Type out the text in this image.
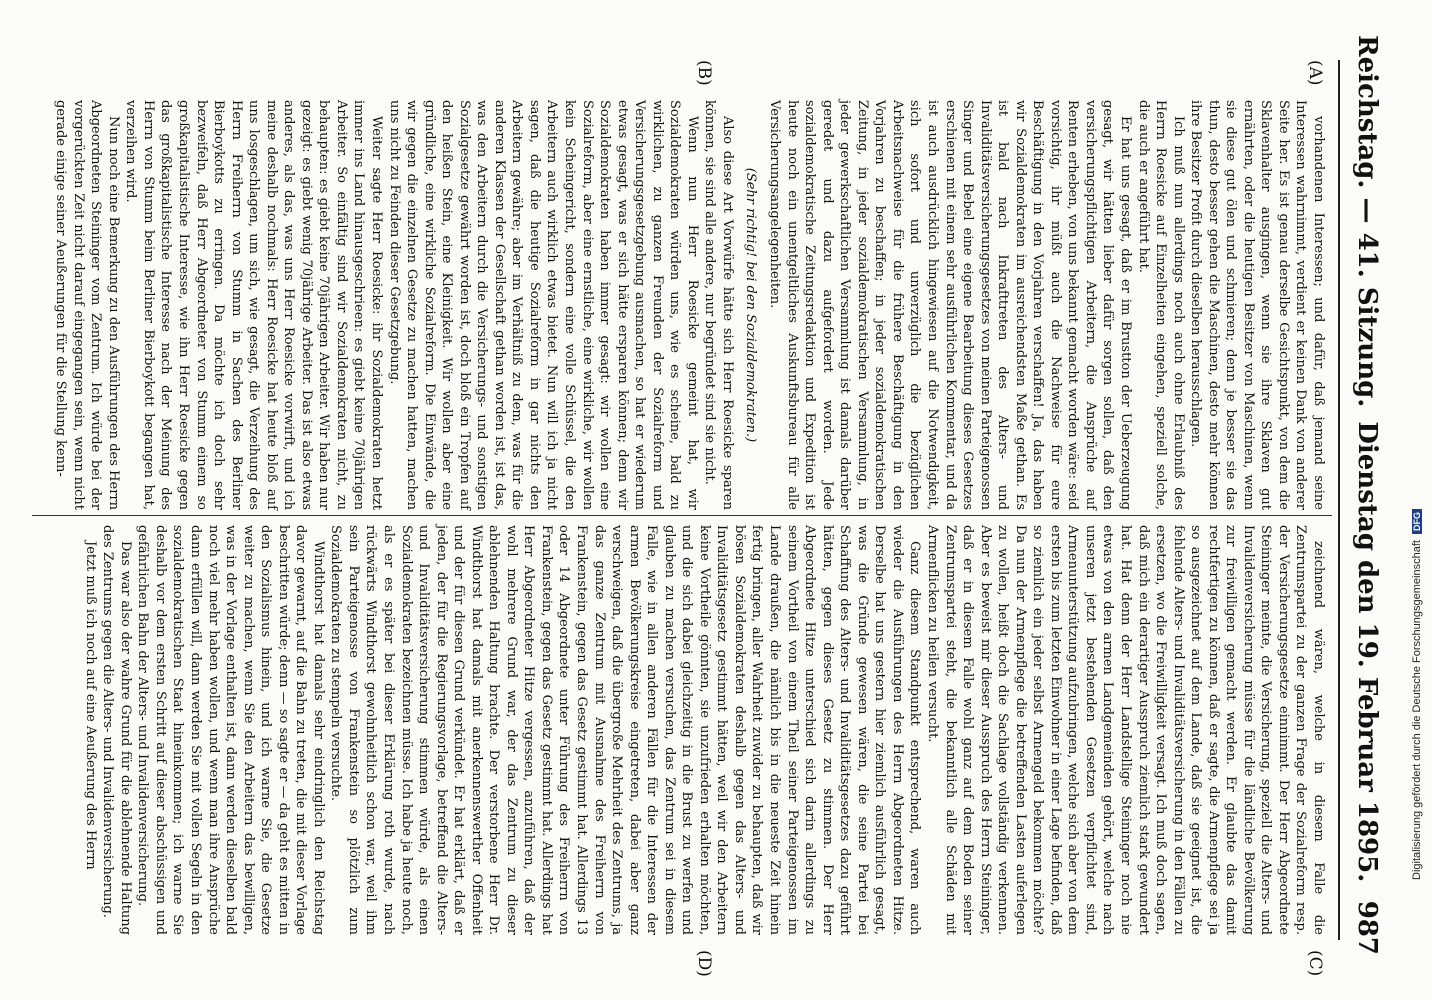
Reichstag. — 41. Sitzung.
Dienstag den 19. Februar 1895.
987
(A)
(B)
(C)
(D)

vorhandenen Interessen; und dafür, daß jemand seine Interessen wahrnimmt, verdient er keinen Dank von anderer Seite her. Es ist genau derselbe Gesichtspunkt, von dem die Sklavenhalter ausgingen, wenn sie ihre Sklaven gut ernährten, oder die heutigen Besitzer von Maschinen, wenn sie diese gut ölen und schmieren; denn je besser sie das thun, desto besser gehen die Maschinen, desto mehr können ihre Besitzer Profit durch dieselben herausschlagen.

Ich muß nun allerdings noch auch ohne Erlaubniß des Herrn Roesicke auf Einzelheiten eingehen, speziell solche, die auch er angeführt hat.

Er hat uns gesagt, daß er im Brustton der Ueberzeugung gesagt, wir hätten lieber dafür sorgen sollen, daß den versicherungspflichtigen Arbeitern, die Ansprüche auf Renten erheben, von uns bekannt gemacht worden wäre: seid vorsichtig, ihr müßt auch die Nachweise für eure Beschäftigung in den Vorjahren verschaffen! Ja, das haben wir Sozialdemokraten im ausreichendsten Maße gethan. Es ist bald nach Inkrafttreten des Alters- und Invaliditätsversicherungsgesetzes von meinen Parteigenossen Singer und Bebel eine eigene Bearbeitung dieses Gesetzes erschienen mit einem sehr ausführlichen Kommentar, und da ist auch ausdrücklich hingewiesen auf die Notwendigkeit, sich sofort und unverzüglich die bezüglichen Arbeitsnachweise für die frühere Beschäftigung in den Vorjahren zu beschaffen; in jeder sozialdemokratischen Zeitung, in jeder sozialdemokratischen Versammlung, in jeder gewerkschaftlichen Versammlung ist damals darüber geredet und dazu aufgefordert worden. Jede sozialdemokratische Zeitungsredaktion und Expedition ist heute noch ein unentgeltliches Auskunftsbureau für alle Versicherungsangelegenheiten.

(Sehr richtig! bei den Sozialdemokraten.)

Also diese Art Vorwürfe hätte sich Herr Roesicke sparen können, sie sind alle andere, nur begründet sind sie nicht.

Wenn nun Herr Roesicke gemeint hat, wir Sozialdemokraten würden uns, wie es scheine, bald zu wirklichen, zu ganzen Freunden der Sozialreform und Versicherungsgesetzgebung ausmachen, so hat er wiederum etwas gesagt, was er sich hätte ersparen können; denn wir Sozialdemokraten haben immer gesagt: wir wollen eine Sozialreform, aber eine ernstliche, eine wirkliche, wir wollen kein Scheingericht, sondern eine volle Schüssel, die den Arbeitern auch wirklich etwas bietet. Nun will ich ja nicht sagen, daß die heutige Sozialreform in gar nichts den Arbeitern gewähre; aber im Verhältniß zu dem, was für die anderen Klassen der Gesellschaft gethan worden ist, ist das, was den Arbeitern durch die Versicherungs- und sonstigen Sozialgesetze gewährt worden ist, doch bloß ein Tropfen auf den heißen Stein, eine Kleinigkeit. Wir wollen aber eine gründliche, eine wirkliche Sozialreform. Die Einwände, die wir gegen die einzelnen Gesetze zu machen hatten, machen uns nicht zu Feinden dieser Gesetzgebung.

Weiter sagte Herr Roesicke: ihr Sozialdemokraten hetzt immer ins Land hinausgeschrieen: es giebt keine 70jährigen Arbeiter. So einfältig sind wir Sozialdemokraten nicht, zu behaupten: es giebt keine 70jährigen Arbeiter. Wir haben nur gezeigt: es giebt wenig 70jährige Arbeiter. Das ist also etwas anderes, als das, was uns Herr Roesicke vorwirft, und ich meine deshalb nochmals: Herr Roesicke hat heute bloß auf uns losgeschlagen, um sich, wie gesagt, die Verzeihung des Herrn Freiherrn von Stumm in Sachen des Berliner Bierboykotts zu erringen. Da möchte ich doch sehr bezweifeln, daß Herr Abgeordneter von Stumm einem so großkapitalistische Interesse, wie ihn Herr Roesicke gegen das großkapitalistische Interesse nach der Meinung des Herrn von Stumm beim Berliner Bierboykott begangen hat, verzeihen wird.

Nun noch eine Bemerkung zu den Ausführungen des Herrn Abgeordneten Steininger vom Zentrum. Ich würde bei der vorgerückten Zeit nicht darauf eingegangen sein, wenn nicht gerade einige seiner Aeußerungen für die Stellung kenn-

zeichnend wären, welche in diesem Falle die Zentrumspartei zu der ganzen Frage der Sozialreform resp. der Versicherungsgesetze einnimmt. Der Herr Abgeordnete Steininger meinte, die Versicherung, speziell die Alters- und Invalidenversicherung müsse für die ländliche Bevölkerung zur freiwilligen gemacht werden. Er glaubte das damit rechtfertigen zu können, daß er sagte, die Armenpflege sei ja so ausgezeichnet auf dem Lande, daß sie geeignet ist, die fehlende Alters- und Invaliditätsversicherung in den Fällen zu ersetzen, wo die Freiwilligkeit versagt. Ich muß doch sagen, daß mich ein derartiger Ausspruch ziemlich stark gewundert hat. Hat denn der Herr Landstellige Steininger noch nie etwas von den armen Landgemeinden gehört, welche nach unseren jetzt bestehenden Gesetzen verpflichtet sind, Armenunterstützung aufzubringen, welche sich aber von dem ersten bis zum letzten Einwohner in einer Lage befinden, daß so ziemlich ein jeder selbst Armengeld bekommen möchte? Da nun der Armenpflege die betreffenden Lasten auferlegen zu wollen, heißt doch die Sachlage vollständig verkennen. Aber es beweist mir dieser Ausspruch des Herrn Steininger, daß er in diesem Falle wohl ganz auf dem Boden seiner Zentrumspartei steht, die bekanntlich alle Schäden mit Armenflicken zu heilen versucht.

Ganz diesem Standpunkt entsprechend, waren auch wieder die Ausführungen des Herrn Abgeordneten Hitze. Derselbe hat uns gestern hier ziemlich ausführlich gesagt, was die Gründe gewesen wären, die seine Partei bei Schaffung des Alters- und Invaliditätsgesetzes dazu geführt hätten, gegen dieses Gesetz zu stimmen. Der Herr Abgeordnete Hitze unterschied sich darin allerdings zu seinem Vortheil von einem Theil seiner Parteigenossen im Lande draußen, die nämlich bis in die neueste Zeit hinein fertig bringen, aller Wahrheit zuwider zu behaupten, daß wir bösen Sozialdemokraten deshalb gegen das Alters- und Invaliditätsgesetz gestimmt hätten, weil wir den Arbeitern keine Vortheile gönnten, sie unzufrieden erhalten möchten, und die sich dabei gleichzeitig in die Brust zu werfen und glauben zu machen versuchen, das Zentrum sei in diesem Falle, wie in allen anderen Fällen für die Interessen der armen Bevölkerungskreise eingetreten, dabei aber ganz verschweigen, daß die übergroße Mehrheit des Zentrums, ja das ganze Zentrum mit Ausnahme des Freiherrn von Frankenstein, gegen das Gesetz gestimmt hat. Allerdings 13 oder 14 Abgeordnete unter Führung des Freiherrn von Frankenstein, gegen das Gesetz gestimmt hat. Allerdings hat Herr Abgeordneter Hitze vergessen, anzuführen, daß der wohl mehrere Grund war, der das Zentrum zu dieser ablehnenden Haltung brachte. Der verstorbene Herr Dr. Windthorst hat damals mit anerkennenswerther Offenheit und der für diesen Grund verkündet. Er hat erklärt, daß er jeden, der für die Regierungsvorlage, betreffend die Alters- und Invaliditätsversicherung stimmen würde, als einen Sozialdemokraten bezeichnen müsse. Ich habe ja heute noch, als er es später bei dieser Erklärung roth wurde, nach rückwärts Windthorst gewohnheitlich schon war, weil ihm sein Parteigenosse von Frankenstein so plötzlich zum Sozialdemokraten zu stempeln versuchte.

Windthorst hat damals sehr eindringlich den Reichstag davor gewarnt, auf die Bahn zu treten, die mit dieser Vorlage beschritten würde; denn — so sagte er — da geht es mitten in den Sozialismus hinein, und ich warne Sie, die Gesetze weiter zu machen, wenn Sie den Arbeitern das bewilligen, was in der Vorlage enthalten ist, dann werden dieselben bald noch viel mehr haben wollen, und wenn man ihre Ansprüche dann erfüllen will, dann werden Sie mit vollen Segeln in den sozialdemokratischen Staat hineinkommen; ich warne Sie deshalb vor dem ersten Schritt auf dieser abschüssigen und gefährlichen Bahn der Alters- und Invalidenversicherung.

Das war also der wahre Grund für die ablehnende Haltung des Zentrums gegen die Alters- und Invalidenversicherung.

Jetzt muß ich noch auf eine Aeußerung des Herrn	Digitalisierung gefördert durch die Deutsche Forschungsgemeinschaft
DFG
